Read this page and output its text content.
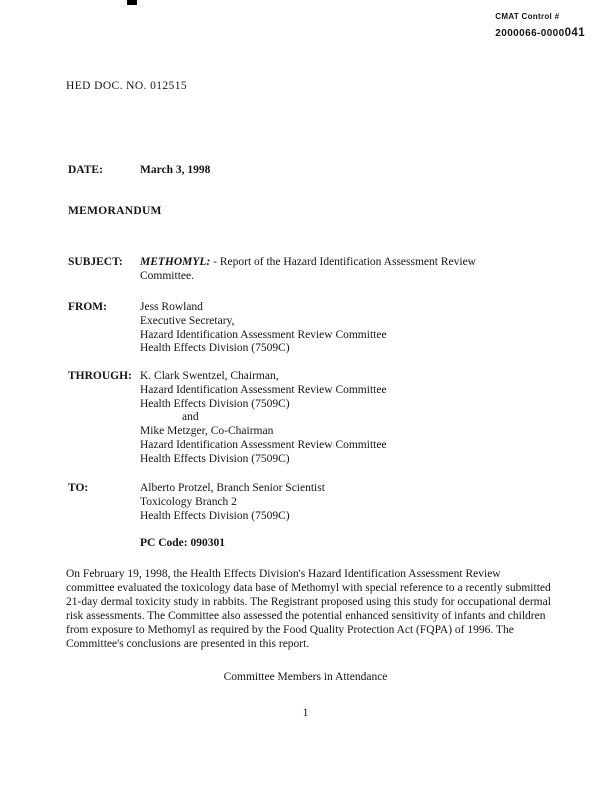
CMAT Control #
2000066-0000041
HED DOC. NO. 012515
DATE:	March 3, 1998
MEMORANDUM
SUBJECT:	METHOMYL: - Report of the Hazard Identification Assessment Review Committee.
FROM:	Jess Rowland
Executive Secretary,
Hazard Identification Assessment Review Committee
Health Effects Division (7509C)
THROUGH: K. Clark Swentzel, Chairman,
Hazard Identification Assessment Review Committee
Health Effects Division (7509C)
and
Mike Metzger, Co-Chairman
Hazard Identification Assessment Review Committee
Health Effects Division (7509C)
TO:	Alberto Protzel, Branch Senior Scientist
Toxicology Branch 2
Health Effects Division (7509C)
PC Code: 090301
On February 19, 1998, the Health Effects Division's Hazard Identification Assessment Review committee evaluated the toxicology data base of Methomyl with special reference to a recently submitted 21-day dermal toxicity study in rabbits. The Registrant proposed using this study for occupational dermal risk assessments. The Committee also assessed the potential enhanced sensitivity of infants and children from exposure to Methomyl as required by the Food Quality Protection Act (FQPA) of 1996. The Committee's conclusions are presented in this report.
Committee Members in Attendance
1
